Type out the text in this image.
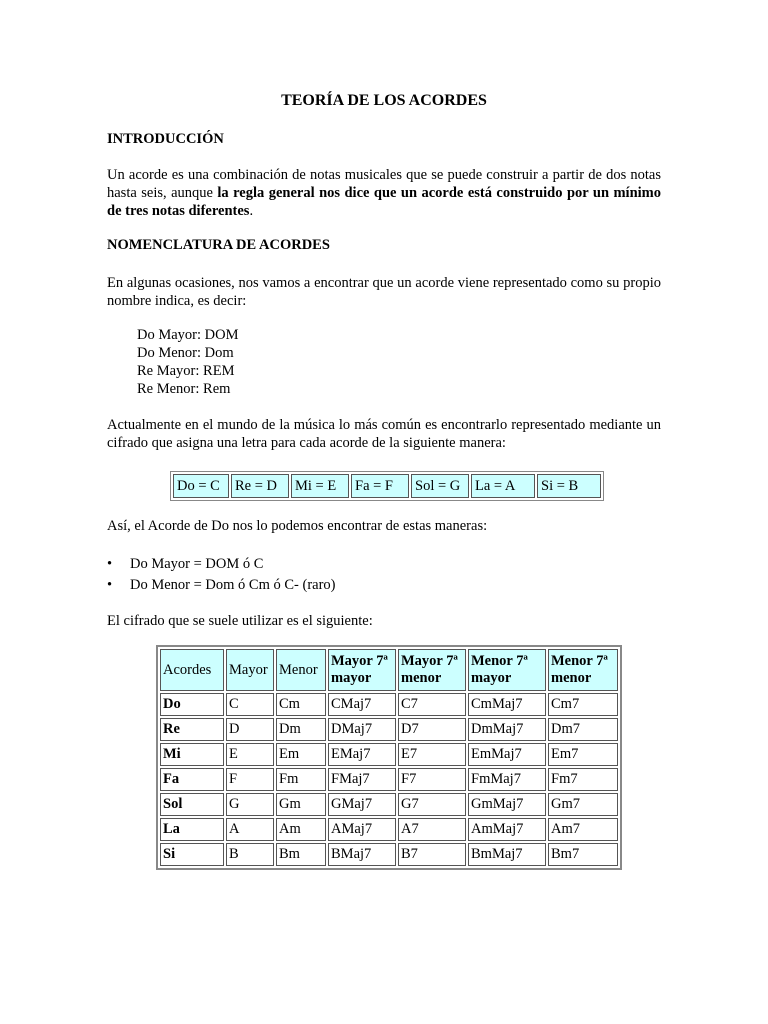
TEORÍA DE LOS ACORDES

INTRODUCCIÓN

Un acorde es una combinación de notas musicales que se puede construir a partir de dos notas hasta seis, aunque la regla general nos dice que un acorde está construido por un mínimo de tres notas diferentes.

NOMENCLATURA DE ACORDES

En algunas ocasiones, nos vamos a encontrar que un acorde viene representado como su propio nombre indica, es decir:

Do Mayor: DOM
Do Menor: Dom
Re Mayor: REM
Re Menor: Rem

Actualmente en el mundo de la música lo más común es encontrarlo representado mediante un cifrado que asigna una letra para cada acorde de la siguiente manera:

Do = C	Re = D	Mi = E	Fa = F	Sol = G	La = A	Si = B

Así, el Acorde de Do nos lo podemos encontrar de estas maneras:

• Do Mayor = DOM ó C
• Do Menor = Dom ó Cm ó C- (raro)

El cifrado que se suele utilizar es el siguiente:

Acordes	Mayor	Menor	Mayor 7ª mayor	Mayor 7ª menor	Menor 7ª mayor	Menor 7ª menor
Do	C	Cm	CMaj7	C7	CmMaj7	Cm7
Re	D	Dm	DMaj7	D7	DmMaj7	Dm7
Mi	E	Em	EMaj7	E7	EmMaj7	Em7
Fa	F	Fm	FMaj7	F7	FmMaj7	Fm7
Sol	G	Gm	GMaj7	G7	GmMaj7	Gm7
La	A	Am	AMaj7	A7	AmMaj7	Am7
Si	B	Bm	BMaj7	B7	BmMaj7	Bm7
